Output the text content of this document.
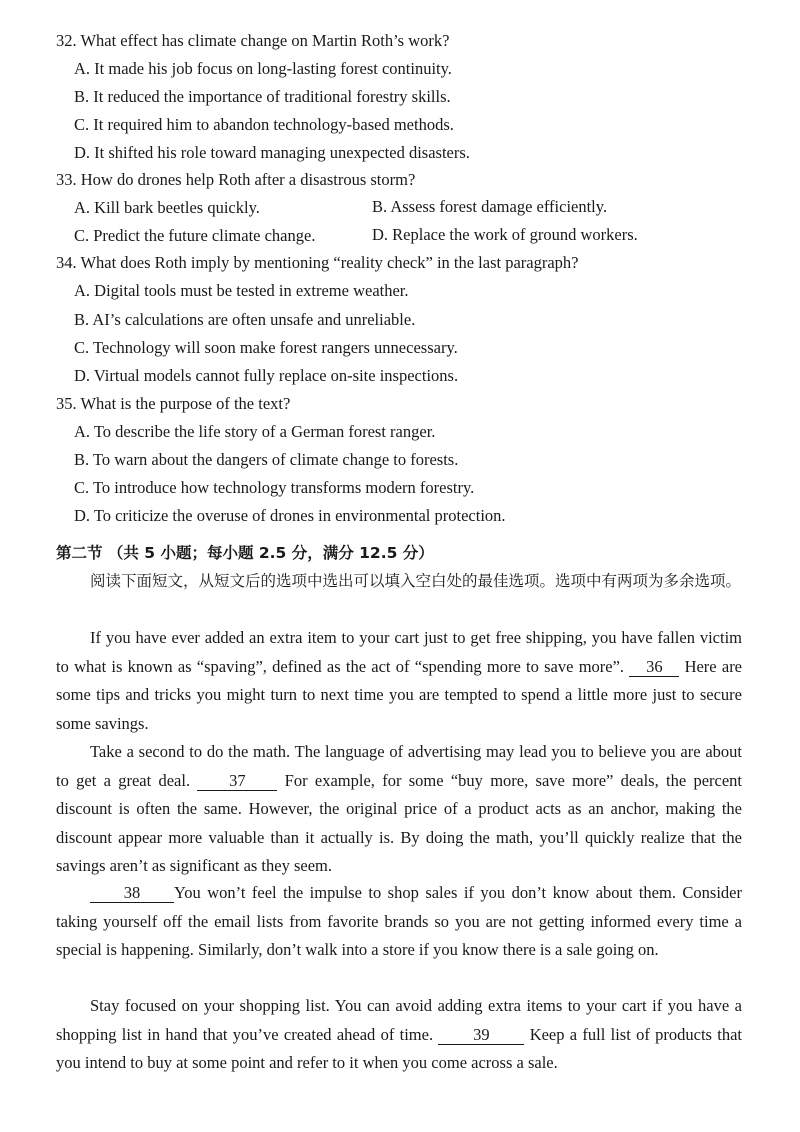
32. What effect has climate change on Martin Roth’s work?
A. It made his job focus on long-lasting forest continuity.
B. It reduced the importance of traditional forestry skills.
C. It required him to abandon technology-based methods.
D. It shifted his role toward managing unexpected disasters.
33. How do drones help Roth after a disastrous storm?
A. Kill bark beetles quickly.	B. Assess forest damage efficiently.
C. Predict the future climate change.	D. Replace the work of ground workers.
34. What does Roth imply by mentioning “reality check” in the last paragraph?
A. Digital tools must be tested in extreme weather.
B. AI’s calculations are often unsafe and unreliable.
C. Technology will soon make forest rangers unnecessary.
D. Virtual models cannot fully replace on-site inspections.
35. What is the purpose of the text?
A. To describe the life story of a German forest ranger.
B. To warn about the dangers of climate change to forests.
C. To introduce how technology transforms modern forestry.
D. To criticize the overuse of drones in environmental protection.
第二节 （共 5 小题；每小题 2.5 分，满分 12.5 分）
阅读下面短文，从短文后的选项中选出可以填入空白处的最佳选项。选项中有两项为多余选项。
If you have ever added an extra item to your cart just to get free shipping, you have fallen victim to what is known as “spaving”, defined as the act of “spending more to save more”. 36 Here are some tips and tricks you might turn to next time you are tempted to spend a little more just to secure some savings.
Take a second to do the math. The language of advertising may lead you to believe you are about to get a great deal. 37 For example, for some “buy more, save more” deals, the percent discount is often the same. However, the original price of a product acts as an anchor, making the discount appear more valuable than it actually is. By doing the math, you’ll quickly realize that the savings aren’t as significant as they seem.
38 You won’t feel the impulse to shop sales if you don’t know about them. Consider taking yourself off the email lists from favorite brands so you are not getting informed every time a special is happening. Similarly, don’t walk into a store if you know there is a sale going on.
Stay focused on your shopping list. You can avoid adding extra items to your cart if you have a shopping list in hand that you’ve created ahead of time. 39 Keep a full list of products that you intend to buy at some point and refer to it when you come across a sale.
